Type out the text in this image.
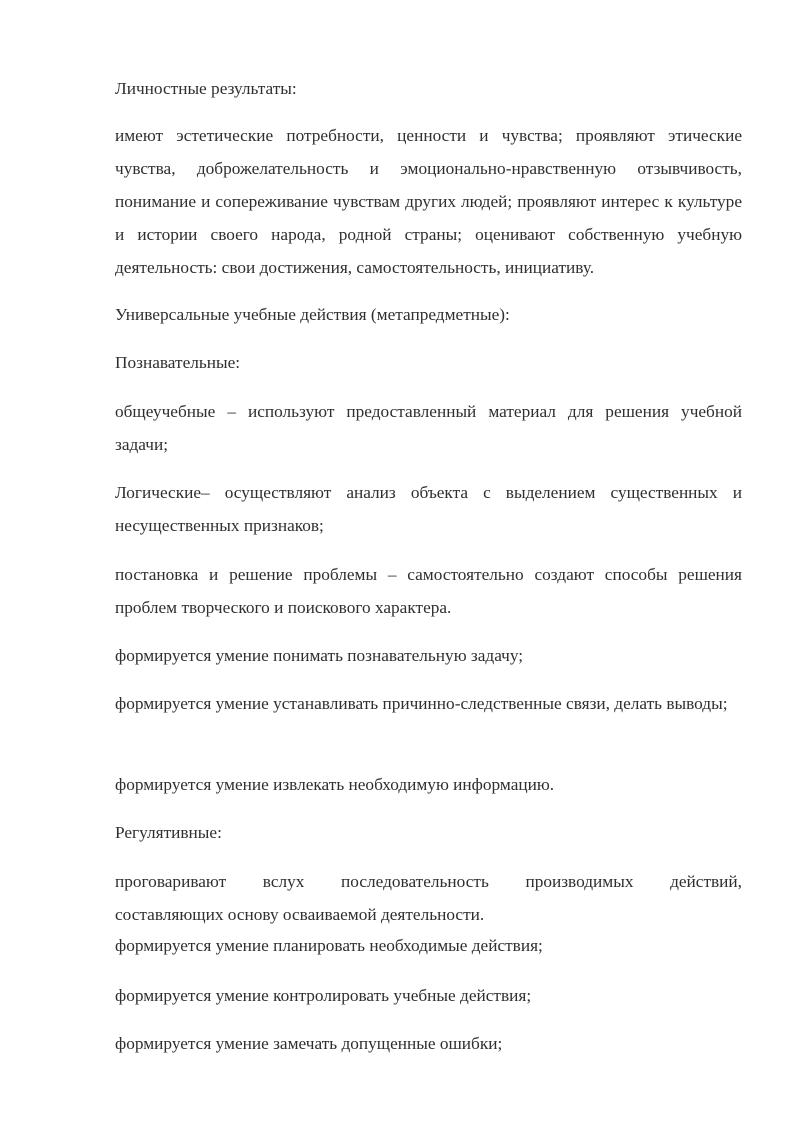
Личностные результаты:

имеют эстетические потребности, ценности и чувства; проявляют этические чувства, доброжелательность и эмоционально-нравственную отзывчивость, понимание и сопереживание чувствам других людей; проявляют интерес к культуре и истории своего народа, родной страны; оценивают собственную учебную деятельность: свои достижения, самостоятельность, инициативу.

Универсальные учебные действия (метапредметные):

Познавательные:

общеучебные – используют предоставленный материал для решения учебной задачи;

Логические– осуществляют анализ объекта с выделением существенных и несущественных признаков;

постановка и решение проблемы – самостоятельно создают способы решения проблем творческого и поискового характера.

формируется умение понимать познавательную задачу;

формируется умение устанавливать причинно-следственные связи, делать выводы;

формируется умение извлекать необходимую информацию.

Регулятивные:

проговаривают вслух последовательность производимых действий,

составляющих основу осваиваемой деятельности.

формируется умение планировать необходимые действия;

формируется умение контролировать учебные действия;

формируется умение замечать допущенные ошибки;
